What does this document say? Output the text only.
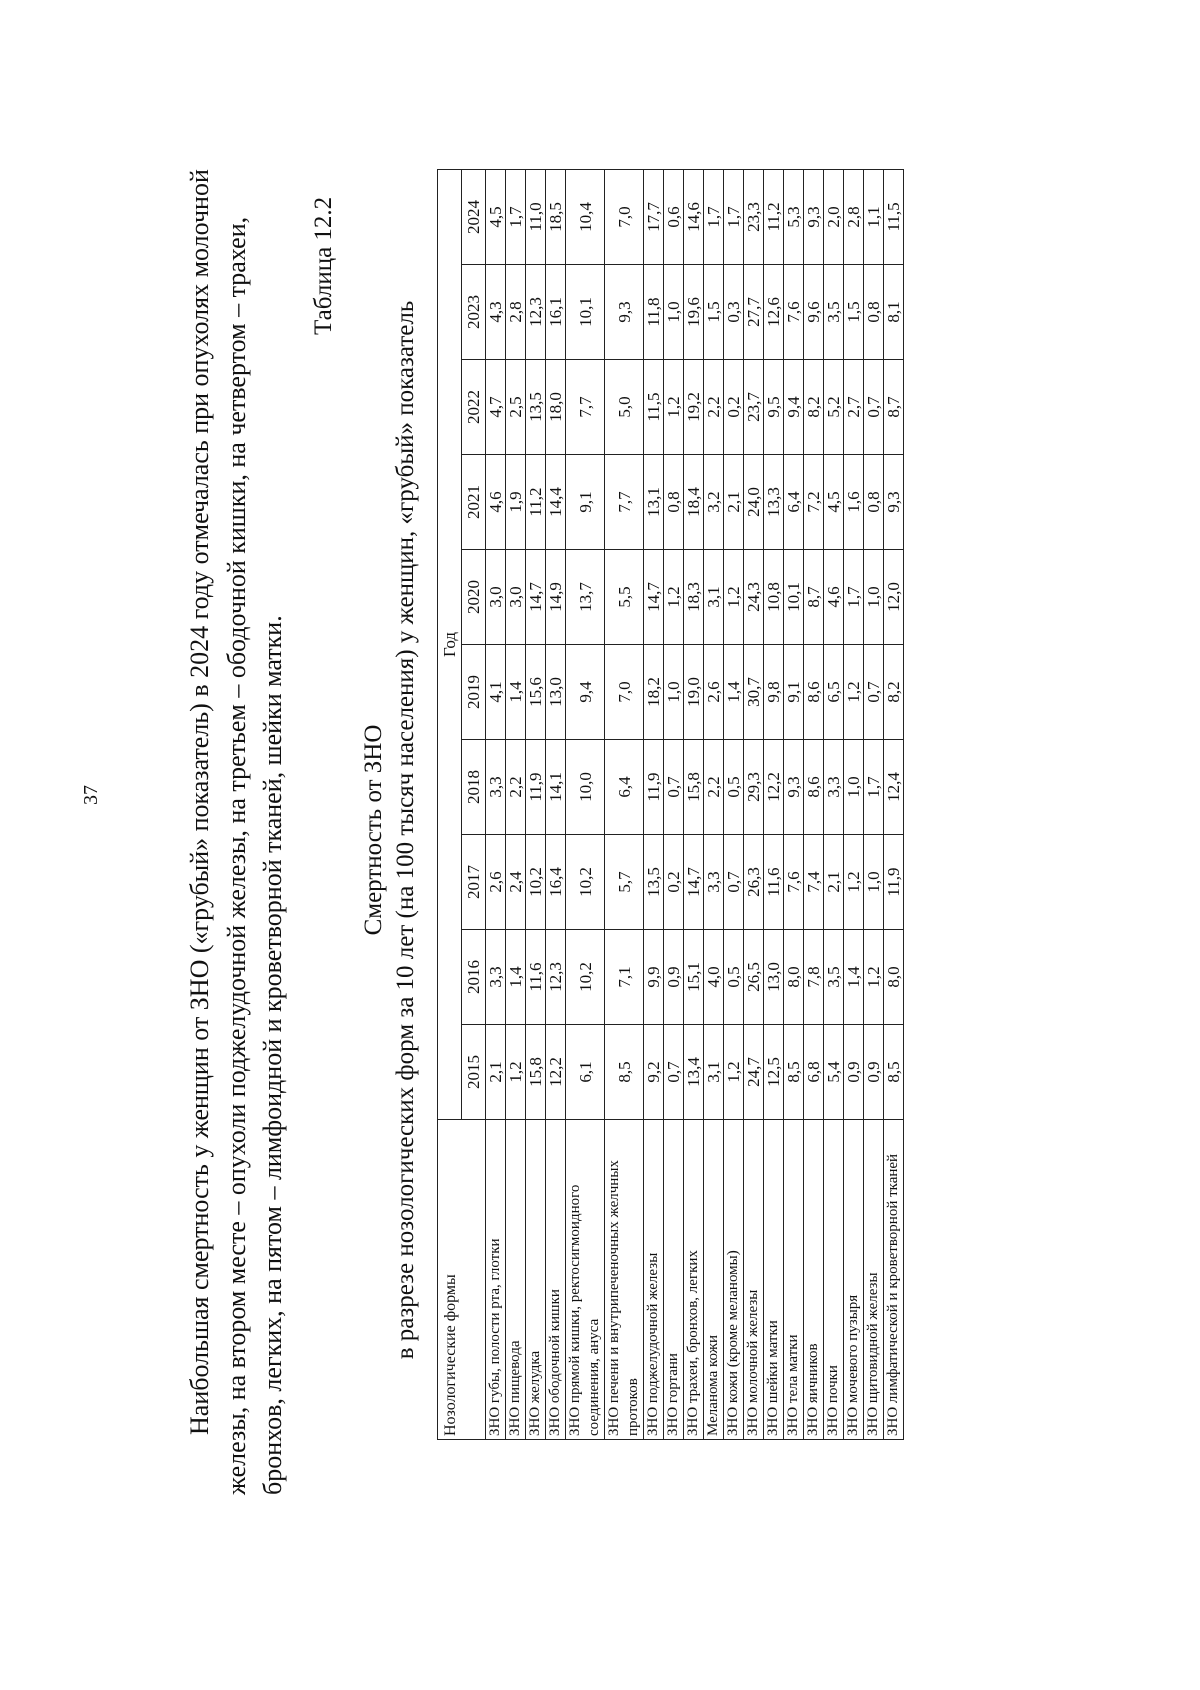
37	Наибольшая смертность у женщин от ЗНО («грубый» показатель) в 2024 году отмечалась при опухолях молочной железы, на втором месте – опухоли поджелудочной железы, на третьем – ободочной кишки, на четвертом – трахеи, бронхов, легких, на пятом – лимфоидной и кроветворной тканей, шейки матки.
Таблица 12.2
Смертность от ЗНО в разрезе нозологических форм за 10 лет (на 100 тысяч населения) у женщин, «грубый» показатель Нозологические формы	Год									
	2015	2016	2017	2018	2019	2020	2021	2022	2023	2024
ЗНО губы, полости рта, глотки	2,1	3,3	2,6	3,3	4,1	3,0	4,6	4,7	4,3	4,5
ЗНО пищевода	1,2	1,4	2,4	2,2	1,4	3,0	1,9	2,5	2,8	1,7
ЗНО желудка	15,8	11,6	10,2	11,9	15,6	14,7	11,2	13,5	12,3	11,0
ЗНО ободочной кишки	12,2	12,3	16,4	14,1	13,0	14,9	14,4	18,0	16,1	18,5
ЗНО прямой кишки, ректосигмоидного соединения, ануса	6,1	10,2	10,2	10,0	9,4	13,7	9,1	7,7	10,1	10,4
ЗНО печени и внутрипеченочных желчных протоков	8,5	7,1	5,7	6,4	7,0	5,5	7,7	5,0	9,3	7,0
ЗНО поджелудочной железы	9,2	9,9	13,5	11,9	18,2	14,7	13,1	11,5	11,8	17,7
ЗНО гортани	0,7	0,9	0,2	0,7	1,0	1,2	0,8	1,2	1,0	0,6
ЗНО трахеи, бронхов, легких	13,4	15,1	14,7	15,8	19,0	18,3	18,4	19,2	19,6	14,6
Меланома кожи	3,1	4,0	3,3	2,2	2,6	3,1	3,2	2,2	1,5	1,7
ЗНО кожи (кроме меланомы)	1,2	0,5	0,7	0,5	1,4	1,2	2,1	0,2	0,3	1,7
ЗНО молочной железы	24,7	26,5	26,3	29,3	30,7	24,3	24,0	23,7	27,7	23,3
ЗНО шейки матки	12,5	13,0	11,6	12,2	9,8	10,8	13,3	9,5	12,6	11,2
ЗНО тела матки	8,5	8,0	7,6	9,3	9,1	10,1	6,4	9,4	7,6	5,3
ЗНО яичников	6,8	7,8	7,4	8,6	8,6	8,7	7,2	8,2	9,6	9,3
ЗНО почки	5,4	3,5	2,1	3,3	6,5	4,6	4,5	5,2	3,5	2,0
ЗНО мочевого пузыря	0,9	1,4	1,2	1,0	1,2	1,7	1,6	2,7	1,5	2,8
ЗНО щитовидной железы	0,9	1,2	1,0	1,7	0,7	1,0	0,8	0,7	0,8	1,1
ЗНО лимфатической и кроветворной тканей	8,5	8,0	11,9	12,4	8,2	12,0	9,3	8,7	8,1	11,5
